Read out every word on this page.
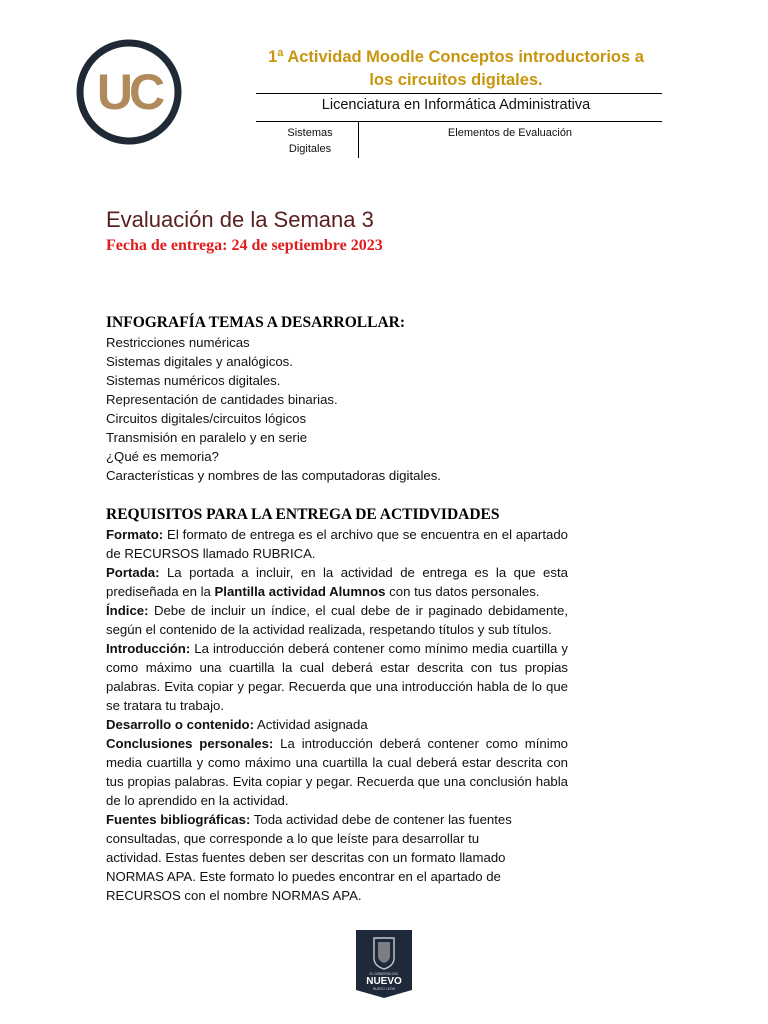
UC
1ª Actividad Moodle Conceptos introductorios a los circuitos digitales.
Licenciatura en Informática Administrativa
Sistemas Digitales
Elementos de Evaluación
Evaluación de la Semana 3
Fecha de entrega: 24 de septiembre 2023
INFOGRAFÍA TEMAS A DESARROLLAR:
Restricciones numéricas
Sistemas digitales y analógicos.
Sistemas numéricos digitales.
Representación de cantidades binarias.
Circuitos digitales/circuitos lógicos
Transmisión en paralelo y en serie
¿Qué es memoria?
Características y nombres de las computadoras digitales.
REQUISITOS PARA LA ENTREGA DE ACTIDVIDADES

Formato: El formato de entrega es el archivo que se encuentra en el apartado de RECURSOS llamado RUBRICA.

Portada: La portada a incluir, en la actividad de entrega es la que esta prediseñada en la Plantilla actividad Alumnos con tus datos personales.

Índice: Debe de incluir un índice, el cual debe de ir paginado debidamente, según el contenido de la actividad realizada, respetando títulos y sub títulos.

Introducción: La introducción deberá contener como mínimo media cuartilla y como máximo una cuartilla la cual deberá estar descrita con tus propias palabras. Evita copiar y pegar. Recuerda que una introducción habla de lo que se tratara tu trabajo.

Desarrollo o contenido: Actividad asignada

Conclusiones personales: La introducción deberá contener como mínimo media cuartilla y como máximo una cuartilla la cual deberá estar descrita con tus propias palabras. Evita copiar y pegar. Recuerda que una conclusión habla de lo aprendido en la actividad.

Fuentes bibliográficas: Toda actividad debe de contener las fuentes
consultadas, que corresponde a lo que leíste para desarrollar tu
actividad. Estas fuentes deben ser descritas con un formato llamado
NORMAS APA. Este formato lo puedes encontrar en el apartado de
RECURSOS con el nombre NORMAS APA.

EL GOBIERNO DEL
NUEVO
NUEVO LEÓN
